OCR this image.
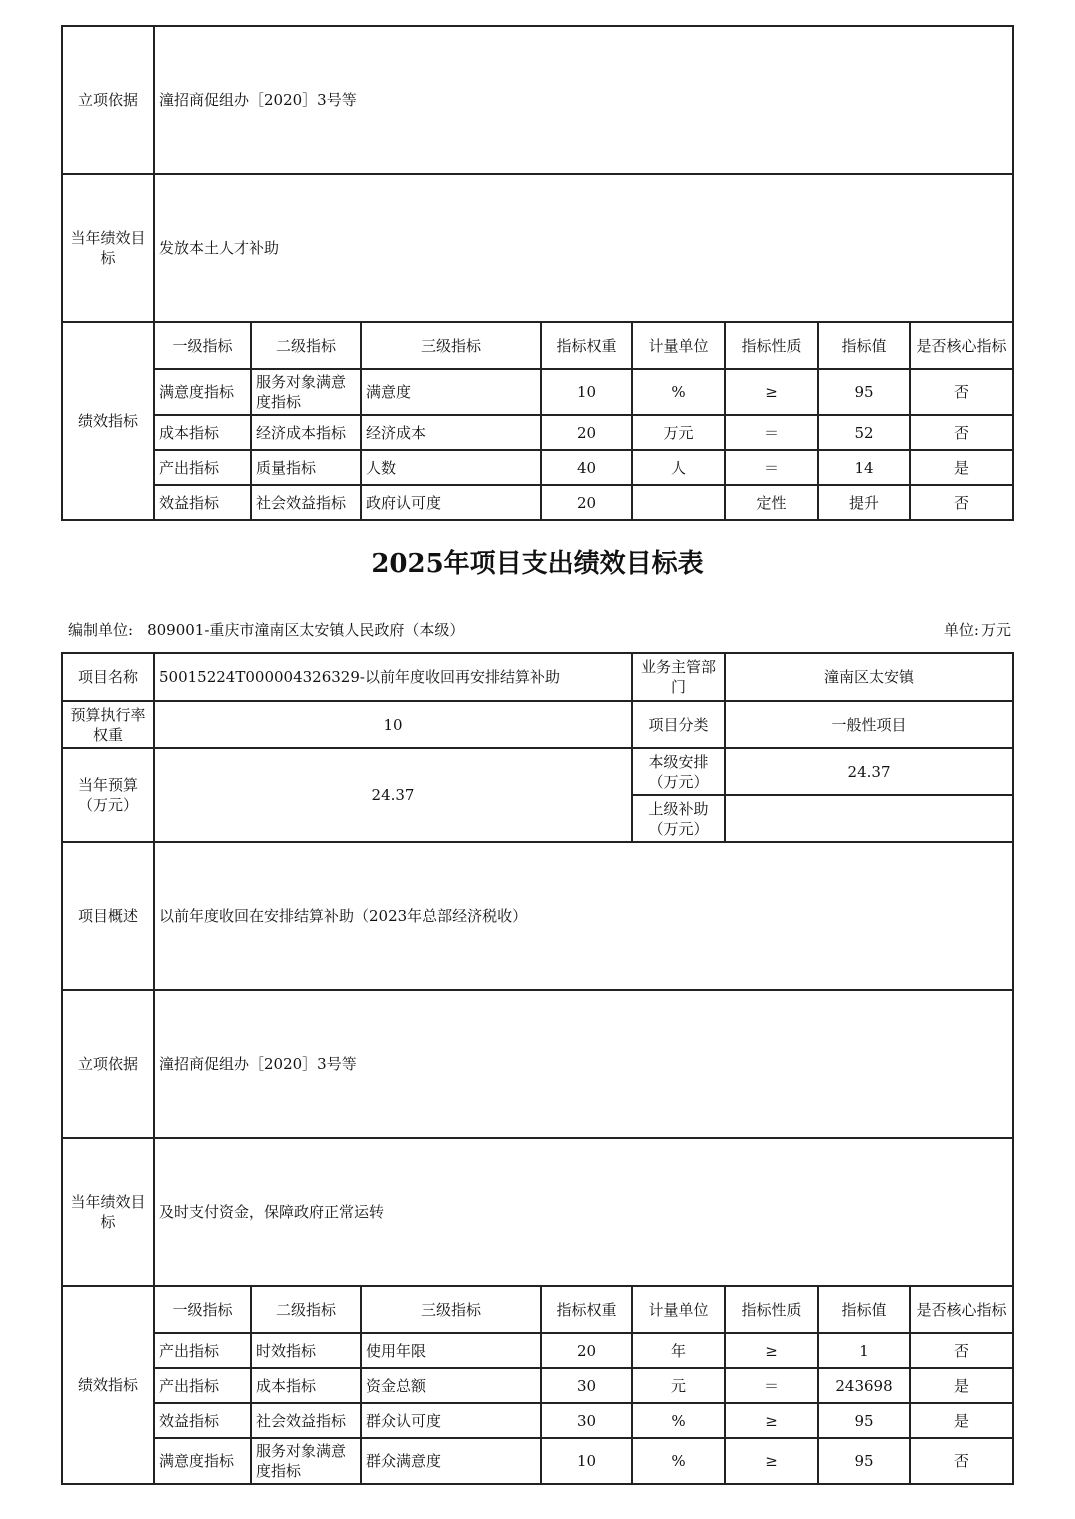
立项依据	潼招商促组办［2020］3号等							
当年绩效目标	发放本土人才补助							
绩效指标	一级指标	二级指标	三级指标	指标权重	计量单位	指标性质	指标值	是否核心指标
	满意度指标	服务对象满意度指标	满意度	10	%	≥	95	否
	成本指标	经济成本指标	经济成本	20	万元	＝	52	否
	产出指标	质量指标	人数	40	人	＝	14	是
	效益指标	社会效益指标	政府认可度	20		定性	提升	否
2025年项目支出绩效目标表
编制单位: 809001-重庆市潼南区太安镇人民政府（本级）	单位: 万元
项目名称	50015224T000004326329-以前年度收回再安排结算补助				业务主管部门	潼南区太安镇		
预算执行率权重	10				项目分类	一般性项目		
当年预算（万元）	24.37				本级安排（万元）	24.37		
					上级补助（万元）			
项目概述	以前年度收回在安排结算补助（2023年总部经济税收）							
立项依据	潼招商促组办［2020］3号等							
当年绩效目标	及时支付资金，保障政府正常运转							
绩效指标	一级指标	二级指标	三级指标	指标权重	计量单位	指标性质	指标值	是否核心指标
	产出指标	时效指标	使用年限	20	年	≥	1	否
	产出指标	成本指标	资金总额	30	元	＝	243698	是
	效益指标	社会效益指标	群众认可度	30	%	≥	95	是
	满意度指标	服务对象满意度指标	群众满意度	10	%	≥	95	否
